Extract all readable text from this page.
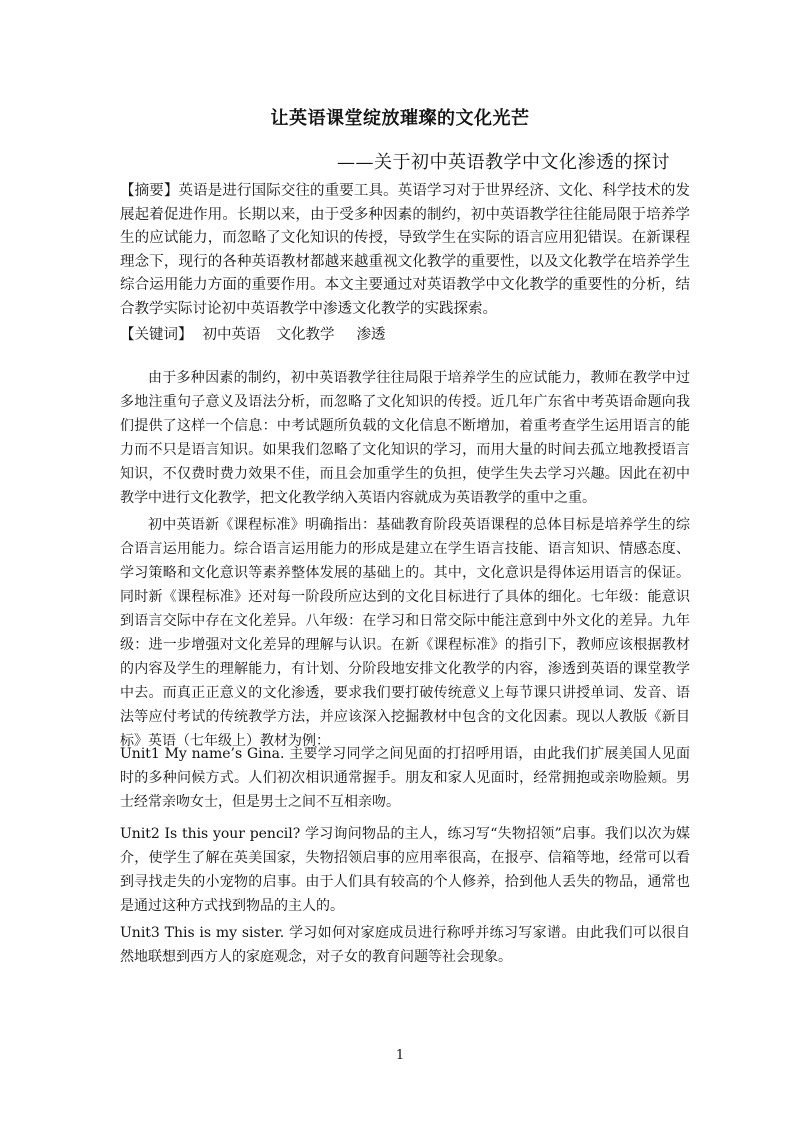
让英语课堂绽放璀璨的文化光芒
——关于初中英语教学中文化渗透的探讨

【摘要】英语是进行国际交往的重要工具。英语学习对于世界经济、文化、科学技术的发展起着促进作用。长期以来，由于受多种因素的制约，初中英语教学往往能局限于培养学生的应试能力，而忽略了文化知识的传授，导致学生在实际的语言应用犯错误。在新课程理念下，现行的各种英语教材都越来越重视文化教学的重要性，以及文化教学在培养学生综合运用能力方面的重要作用。本文主要通过对英语教学中文化教学的重要性的分析，结合教学实际讨论初中英语教学中渗透文化教学的实践探索。

【关键词】 初中英语 文化教学 渗透

由于多种因素的制约，初中英语教学往往局限于培养学生的应试能力，教师在教学中过多地注重句子意义及语法分析，而忽略了文化知识的传授。近几年广东省中考英语命题向我们提供了这样一个信息：中考试题所负载的文化信息不断增加，着重考查学生运用语言的能力而不只是语言知识。如果我们忽略了文化知识的学习，而用大量的时间去孤立地教授语言知识，不仅费时费力效果不佳，而且会加重学生的负担，使学生失去学习兴趣。因此在初中教学中进行文化教学，把文化教学纳入英语内容就成为英语教学的重中之重。

初中英语新《课程标准》明确指出：基础教育阶段英语课程的总体目标是培养学生的综合语言运用能力。综合语言运用能力的形成是建立在学生语言技能、语言知识、情感态度、学习策略和文化意识等素养整体发展的基础上的。其中，文化意识是得体运用语言的保证。同时新《课程标准》还对每一阶段所应达到的文化目标进行了具体的细化。七年级：能意识到语言交际中存在文化差异。八年级：在学习和日常交际中能注意到中外文化的差异。九年级：进一步增强对文化差异的理解与认识。在新《课程标准》的指引下，教师应该根据教材的内容及学生的理解能力，有计划、分阶段地安排文化教学的内容，渗透到英语的课堂教学中去。而真正正意义的文化渗透，要求我们要打破传统意义上每节课只讲授单词、发音、语法等应付考试的传统教学方法，并应该深入挖掘教材中包含的文化因素。现以人教版《新目标》英语（七年级上）教材为例：

Unit1 My name’s Gina. 主要学习同学之间见面的打招呼用语，由此我们扩展美国人见面时的多种问候方式。人们初次相识通常握手。朋友和家人见面时，经常拥抱或亲吻脸颊。男士经常亲吻女士，但是男士之间不互相亲吻。

Unit2 Is this your pencil? 学习询问物品的主人，练习写“失物招领”启事。我们以次为媒介，使学生了解在英美国家，失物招领启事的应用率很高，在报亭、信箱等地，经常可以看到寻找走失的小宠物的启事。由于人们具有较高的个人修养，拾到他人丢失的物品，通常也是通过这种方式找到物品的主人的。

Unit3 This is my sister. 学习如何对家庭成员进行称呼并练习写家谱。由此我们可以很自然地联想到西方人的家庭观念，对子女的教育问题等社会现象。

1
